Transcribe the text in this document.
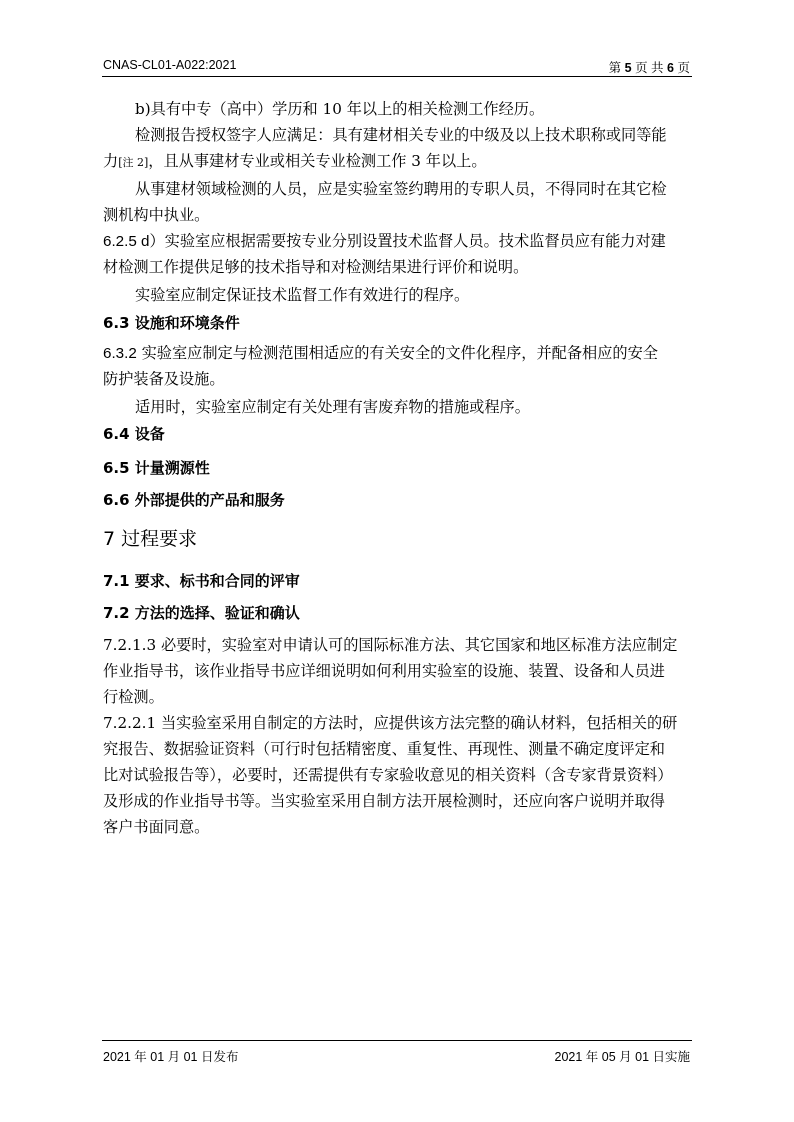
CNAS-CL01-A022:2021	第 5 页 共 6 页

b)具有中专（高中）学历和 10 年以上的相关检测工作经历。

检测报告授权签字人应满足：具有建材相关专业的中级及以上技术职称或同等能

力[注 2]，且从事建材专业或相关专业检测工作 3 年以上。

从事建材领域检测的人员，应是实验室签约聘用的专职人员，不得同时在其它检

测机构中执业。

6.2.5 d）实验室应根据需要按专业分别设置技术监督人员。技术监督员应有能力对建

材检测工作提供足够的技术指导和对检测结果进行评价和说明。

实验室应制定保证技术监督工作有效进行的程序。

6.3 设施和环境条件

6.3.2 实验室应制定与检测范围相适应的有关安全的文件化程序，并配备相应的安全

防护装备及设施。

适用时，实验室应制定有关处理有害废弃物的措施或程序。

6.4 设备

6.5 计量溯源性

6.6 外部提供的产品和服务

7 过程要求

7.1 要求、标书和合同的评审

7.2 方法的选择、验证和确认

7.2.1.3 必要时，实验室对申请认可的国际标准方法、其它国家和地区标准方法应制定

作业指导书，该作业指导书应详细说明如何利用实验室的设施、装置、设备和人员进

行检测。

7.2.2.1 当实验室采用自制定的方法时，应提供该方法完整的确认材料，包括相关的研

究报告、数据验证资料（可行时包括精密度、重复性、再现性、测量不确定度评定和

比对试验报告等），必要时，还需提供有专家验收意见的相关资料（含专家背景资料）

及形成的作业指导书等。当实验室采用自制方法开展检测时，还应向客户说明并取得

客户书面同意。

2021 年 01 月 01 日发布	2021 年 05 月 01 日实施
